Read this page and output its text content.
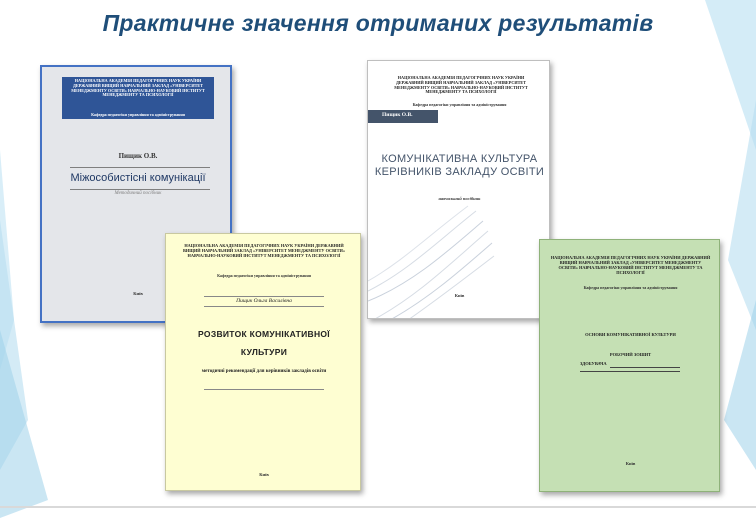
Практичне значення отриманих результатів
НАЦІОНАЛЬНА АКАДЕМІЯ ПЕДАГОГІЧНИХ НАУК УКРАЇНИ ДЕРЖАВНИЙ ВИЩИЙ НАВЧАЛЬНИЙ ЗАКЛАД «УНІВЕРСИТЕТ МЕНЕДЖМЕНТУ ОСВІТИ» НАВЧАЛЬНО-НАУКОВИЙ ІНСТИТУТ МЕНЕДЖМЕНТУ ТА ПСИХОЛОГІЇ
Кафедра педагогіки управління та адміністрування
Пищик О.В.
Міжособистісні комунікації
Методичний посібник
Київ
НАЦІОНАЛЬНА АКАДЕМІЯ ПЕДАГОГІЧНИХ НАУК УКРАЇНИ ДЕРЖАВНИЙ ВИЩИЙ НАВЧАЛЬНИЙ ЗАКЛАД «УНІВЕРСИТЕТ МЕНЕДЖМЕНТУ ОСВІТИ» НАВЧАЛЬНО-НАУКОВИЙ ІНСТИТУТ МЕНЕДЖМЕНТУ ТА ПСИХОЛОГІЇ
Кафедра педагогіки управління та адміністрування
Пищик О.В.
КОМУНІКАТИВНА КУЛЬТУРА КЕРІВНИКІВ ЗАКЛАДУ ОСВІТИ
навчальний посібник
Київ
НАЦІОНАЛЬНА АКАДЕМІЯ ПЕДАГОГІЧНИХ НАУК УКРАЇНИ ДЕРЖАВНИЙ ВИЩИЙ НАВЧАЛЬНИЙ ЗАКЛАД «УНІВЕРСИТЕТ МЕНЕДЖМЕНТУ ОСВІТИ» НАВЧАЛЬНО-НАУКОВИЙ ІНСТИТУТ МЕНЕДЖМЕНТУ ТА ПСИХОЛОГІЇ
Кафедра педагогіки управління та адміністрування
Пищик Ольга Василівна
РОЗВИТОК КОМУНІКАТИВНОЇ КУЛЬТУРИ
методичні рекомендації для керівників закладів освіти
Київ
НАЦІОНАЛЬНА АКАДЕМІЯ ПЕДАГОГІЧНИХ НАУК УКРАЇНИ ДЕРЖАВНИЙ ВИЩИЙ НАВЧАЛЬНИЙ ЗАКЛАД «УНІВЕРСИТЕТ МЕНЕДЖМЕНТУ ОСВІТИ» НАВЧАЛЬНО-НАУКОВИЙ ІНСТИТУТ МЕНЕДЖМЕНТУ ТА ПСИХОЛОГІЇ
Кафедра педагогіки управління та адміністрування
ОСНОВИ КОМУНІКАТИВНОЇ КУЛЬТУРИ
РОБОЧИЙ ЗОШИТ
ЗДОБУВАЧА
Київ
